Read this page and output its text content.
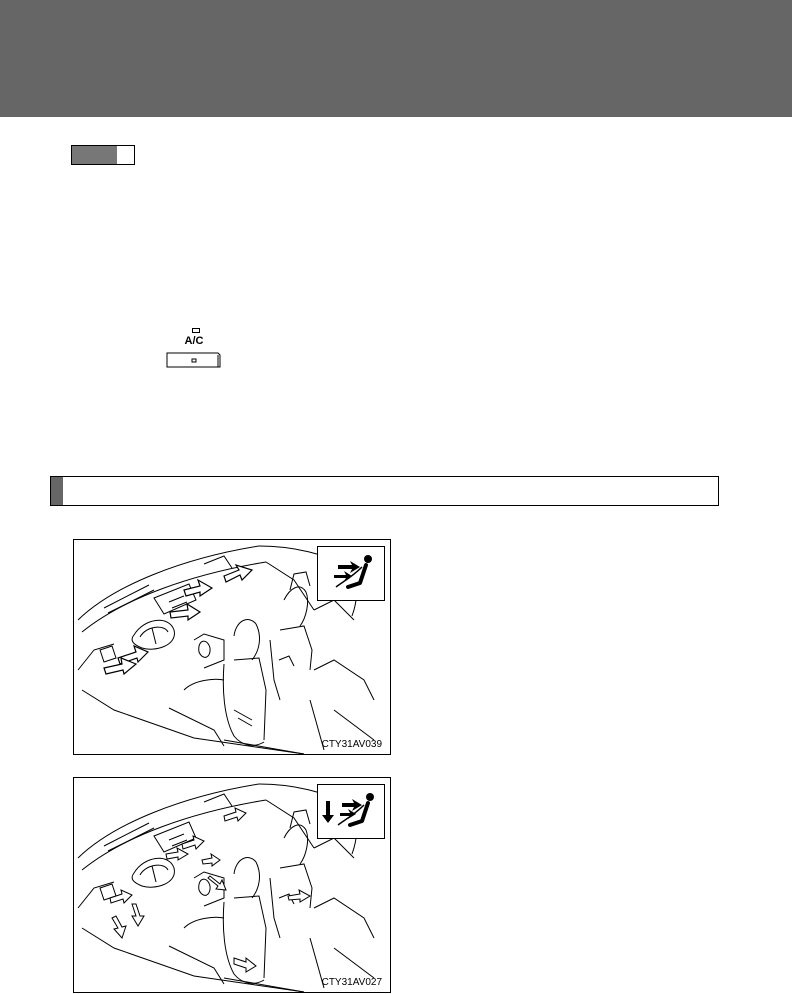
A/C
CTY31AV039
CTY31AV027
